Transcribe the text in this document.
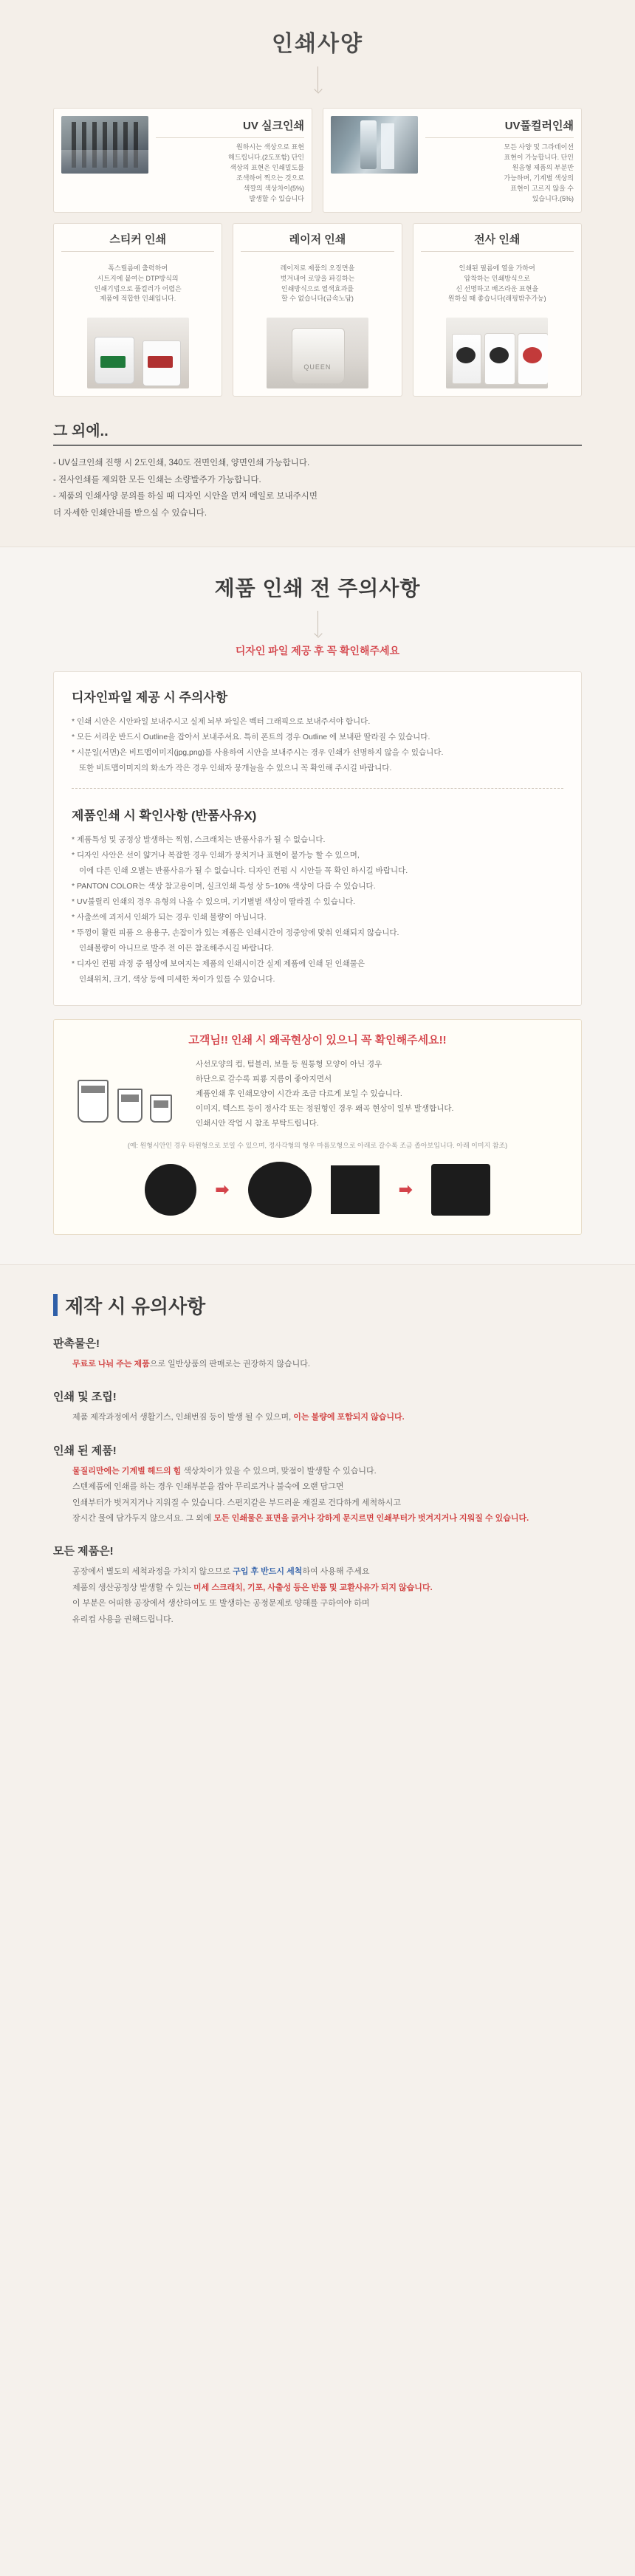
인쇄사양
UV 실크인쇄
원하시는 색상으로 표현
해드립니다.(2도포함) 단인
색상의 표현은 인쇄밀도를
조색하여 찍으는 것으로
색깔의 색상차이(5%)
발생할 수 있습니다
UV풀컬러인쇄
모든 사양 및 그라데이션
표현이 가능합니다. 단인
원음형 제품의 부분만
가능하며, 기계별 색상의
표현이 고르지 않을 수
있습니다.(5%)
스티커 인쇄
폭스릴름에 출력하여
시트지에 붙여는 DTP방식의
인쇄기법으로 풀컬러가 어렵은
제품에 적합한 인쇄입니다.
레이저 인쇄
레이저로 제품의 오징면을
벗겨내어 로앙을 파깅하는
인쇄방식으로 열색효과를
할 수 없습니다(금속노답)
QUEEN
전사 인쇄
인쇄된 필름에 열을 가하여
압착하는 인쇄방식으로
신 선명하고 배즈라운 표현을
원하실 때 좋습니다(래핑밖추가능)
그 외에..
- UV실크인쇄 진행 시 2도인쇄, 340도 전면인쇄, 양면인쇄 가능합니다.
- 전사인쇄를 제외한 모든 인쇄는 소량발주가 가능합니다.
- 제품의 인쇄사양 문의를 하실 때 디자인 시안을 먼저 메일로 보내주시면
더 자세한 인쇄안내를 받으실 수 있습니다.
제품 인쇄 전 주의사항
디자인 파일 제공 후 꼭 확인해주세요
디자인파일 제공 시 주의사항
* 인쇄 시안은 시안파일 보내주시고 실제 뇌부 파일은 벡터 그래픽으로 보내주셔야 합니다.
* 모든 서리운 반드시 Outline을 잡아서 보내주셔요. 특히 폰트의 경우 Outline 에 보내판 딸라질 수 있습니다.
* 시문일(서면)은 비트맵이미지(jpg,png)를 사용하여 시안을 보내주시는 경우 인쇄가 선명하지 않을 수 있습니다.
또한 비트맵이미지의 화소가 작은 경우 인쇄자 뭉개늘을 수 있으니 꼭 확인해 주시길 바랍니다.
제품인쇄 시 확인사항 (반품사유X)
* 제품특성 및 공정상 발생하는 찍힘, 스크래치는 반품사유가 될 수 없습니다.
* 디자인 사안은 선이 얇거나 복잡한 경우 인쇄가 뭉치거나 표현이 붙가능 할 수 있으며,
이에 다른 인쇄 오별는 반품사유가 될 수 없습니다. 디자인 컨펌 시 시안들 꼭 확인 하시길 바랍니다.
* PANTON COLOR는 색상 참고용이며, 실크인쇄 특성 상 5~10% 색상이 다릅 수 있습니다.
* UV불릴리 인쇄의 경우 유형의 나올 수 있으며, 기기별별 색상이 딸라질 수 있습니다.
* 사출쓰에 괴저서 인쇄가 되는 경우 인쇄 불량이 아닙니다.
* 뚜껑이 활린 피품 으 용용구, 손잡이가 있는 제품은 인쇄시간이 정중앙에 맞춰 인쇄되지 않습니다.
인쇄볼량이 아니므로 발주 전 이믄 참조해주시길 바랍니다.
* 디자인 컨펌 과정 중 웹상에 보여지는 제품의 인쇄시이간 실제 제품에 인쇄 된 인쇄물은
인쇄위치, 크기, 색상 등에 미세한 차이가 있를 수 있습니다.
고객님!! 인쇄 시 왜곡현상이 있으니 꼭 확인해주세요!!
사선모양의 컵, 텀블러, 보틀 등 원통형 모양이 아닌 경우
하단으로 갈수록 피룡 지름이 좋아지면서
제품인쇄 후 인쇄모양이 시간과 조금 다르게 보일 수 있습니다.
이미지, 텍스트 등이 정사각 또는 정원형인 경우 왜곡 현상이 일부 발생합니다.
인쇄시안 작업 시 참조 부탁드립니다.
(예: 원형시안인 경우 타원형으로 보일 수 있으며, 정사각형의 형우 마름모형으로 아래로 갈수록 조금 좁아보입니다. 아래 이미지 참조)
➡	➡
제작 시 유의사항
판촉물은!
무료로 나눠 주는 제품으로 일반상품의 판매로는 권장하지 않습니다.
인쇄 및 조립!
제품 제작과정에서 생활기스, 인쇄번짐 등이 발생 될 수 있으며, 이는 불량에 포함되지 않습니다.
인쇄 된 제품!
물질리만에는 기계별 헤드의 힘 색상차이가 있을 수 있으며, 맞점이 발생할 수 있습니다.
스텐제품에 인쇄를 하는 경우 인쇄부분을 잡아 무리로거나 불숙에 오랜 담그면
인쇄부터가 벗겨지거나 지워질 수 있습니다. 스펀지같은 부드러운 재질로 건다하게 세척하시고
장시간 물에 담가두지 않으셔요. 그 외에 모든 인쇄물은 표면을 긁거나 강하게 문지르면 인쇄부터가 벗겨지거나 지워질 수 있습니다.
모든 제품은!
공장에서 별도의 세척과정을 가치지 않으므로 구입 후 반드시 세척하여 사용해 주세요
제품의 생산공정상 발생할 수 있는 미세 스크래치, 기포, 사출성 등은 반품 및 교환사유가 되지 않습니다.
이 부분은 어떠한 공장에서 생산하여도 또 발생하는 공정문제로 양해를 구하여야 하며
유리컵 사용을 권해드립니다.
